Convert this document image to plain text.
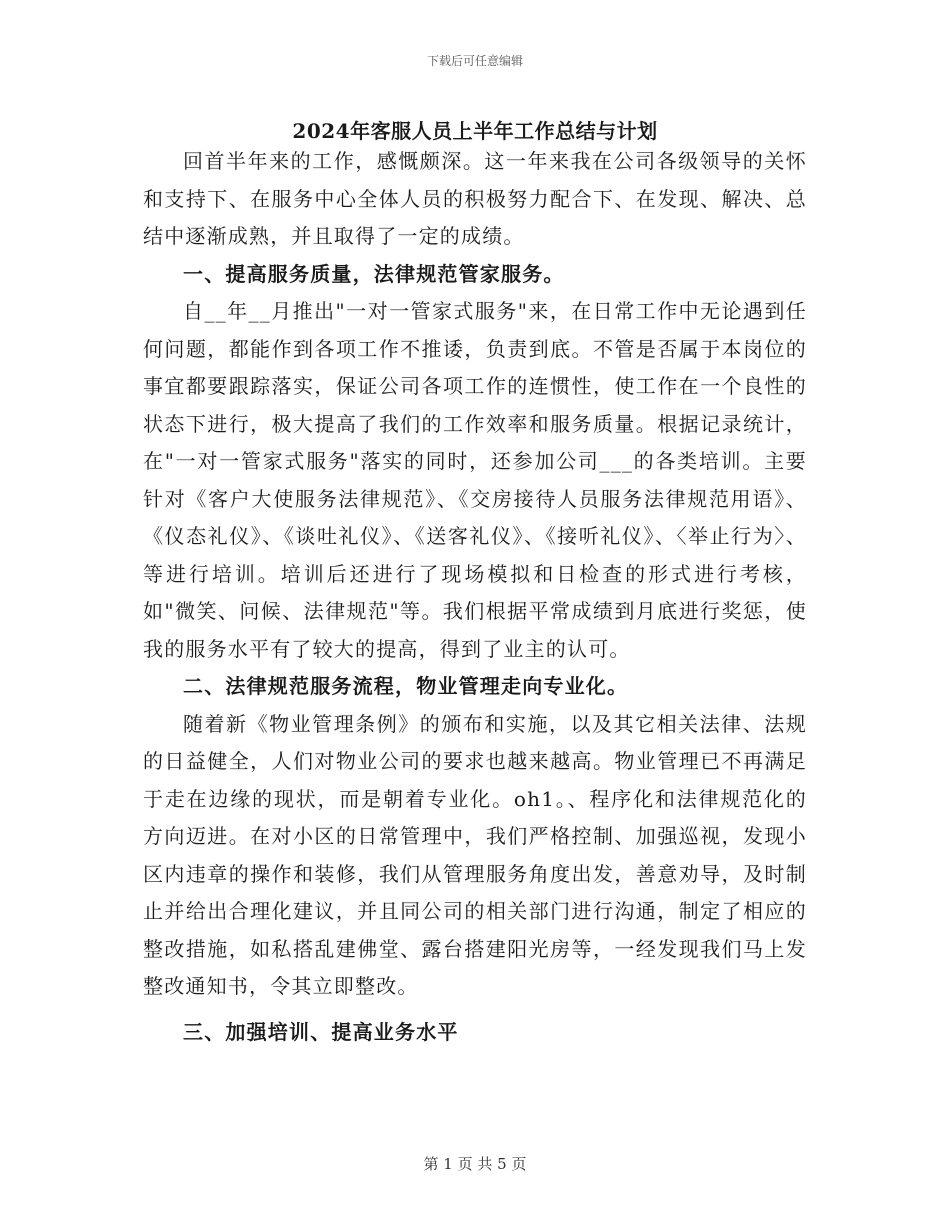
下载后可任意编辑
2024年客服人员上半年工作总结与计划

回首半年来的工作，感慨颇深。这一年来我在公司各级领导的关怀和支持下、在服务中心全体人员的积极努力配合下、在发现、解决、总结中逐渐成熟，并且取得了一定的成绩。

一、提高服务质量，法律规范管家服务。

自__年__月推出"一对一管家式服务"来，在日常工作中无论遇到任何问题，都能作到各项工作不推诿，负责到底。不管是否属于本岗位的事宜都要跟踪落实，保证公司各项工作的连惯性，使工作在一个良性的状态下进行，极大提高了我们的工作效率和服务质量。根据记录统计，在"一对一管家式服务"落实的同时，还参加公司___的各类培训。主要针对《客户大使服务法律规范》、《交房接待人员服务法律规范用语》、《仪态礼仪》、《谈吐礼仪》、《送客礼仪》、《接听礼仪》、〈举止行为〉、等进行培训。培训后还进行了现场模拟和日检查的形式进行考核，如"微笑、问候、法律规范"等。我们根据平常成绩到月底进行奖惩，使我的服务水平有了较大的提高，得到了业主的认可。

二、法律规范服务流程，物业管理走向专业化。

随着新《物业管理条例》的颁布和实施，以及其它相关法律、法规的日益健全，人们对物业公司的要求也越来越高。物业管理已不再满足于走在边缘的现状，而是朝着专业化。oh1。、程序化和法律规范化的方向迈进。在对小区的日常管理中，我们严格控制、加强巡视，发现小区内违章的操作和装修，我们从管理服务角度出发，善意劝导，及时制止并给出合理化建议，并且同公司的相关部门进行沟通，制定了相应的整改措施，如私搭乱建佛堂、露台搭建阳光房等，一经发现我们马上发整改通知书，令其立即整改。

三、加强培训、提高业务水平

第 1 页 共 5 页
